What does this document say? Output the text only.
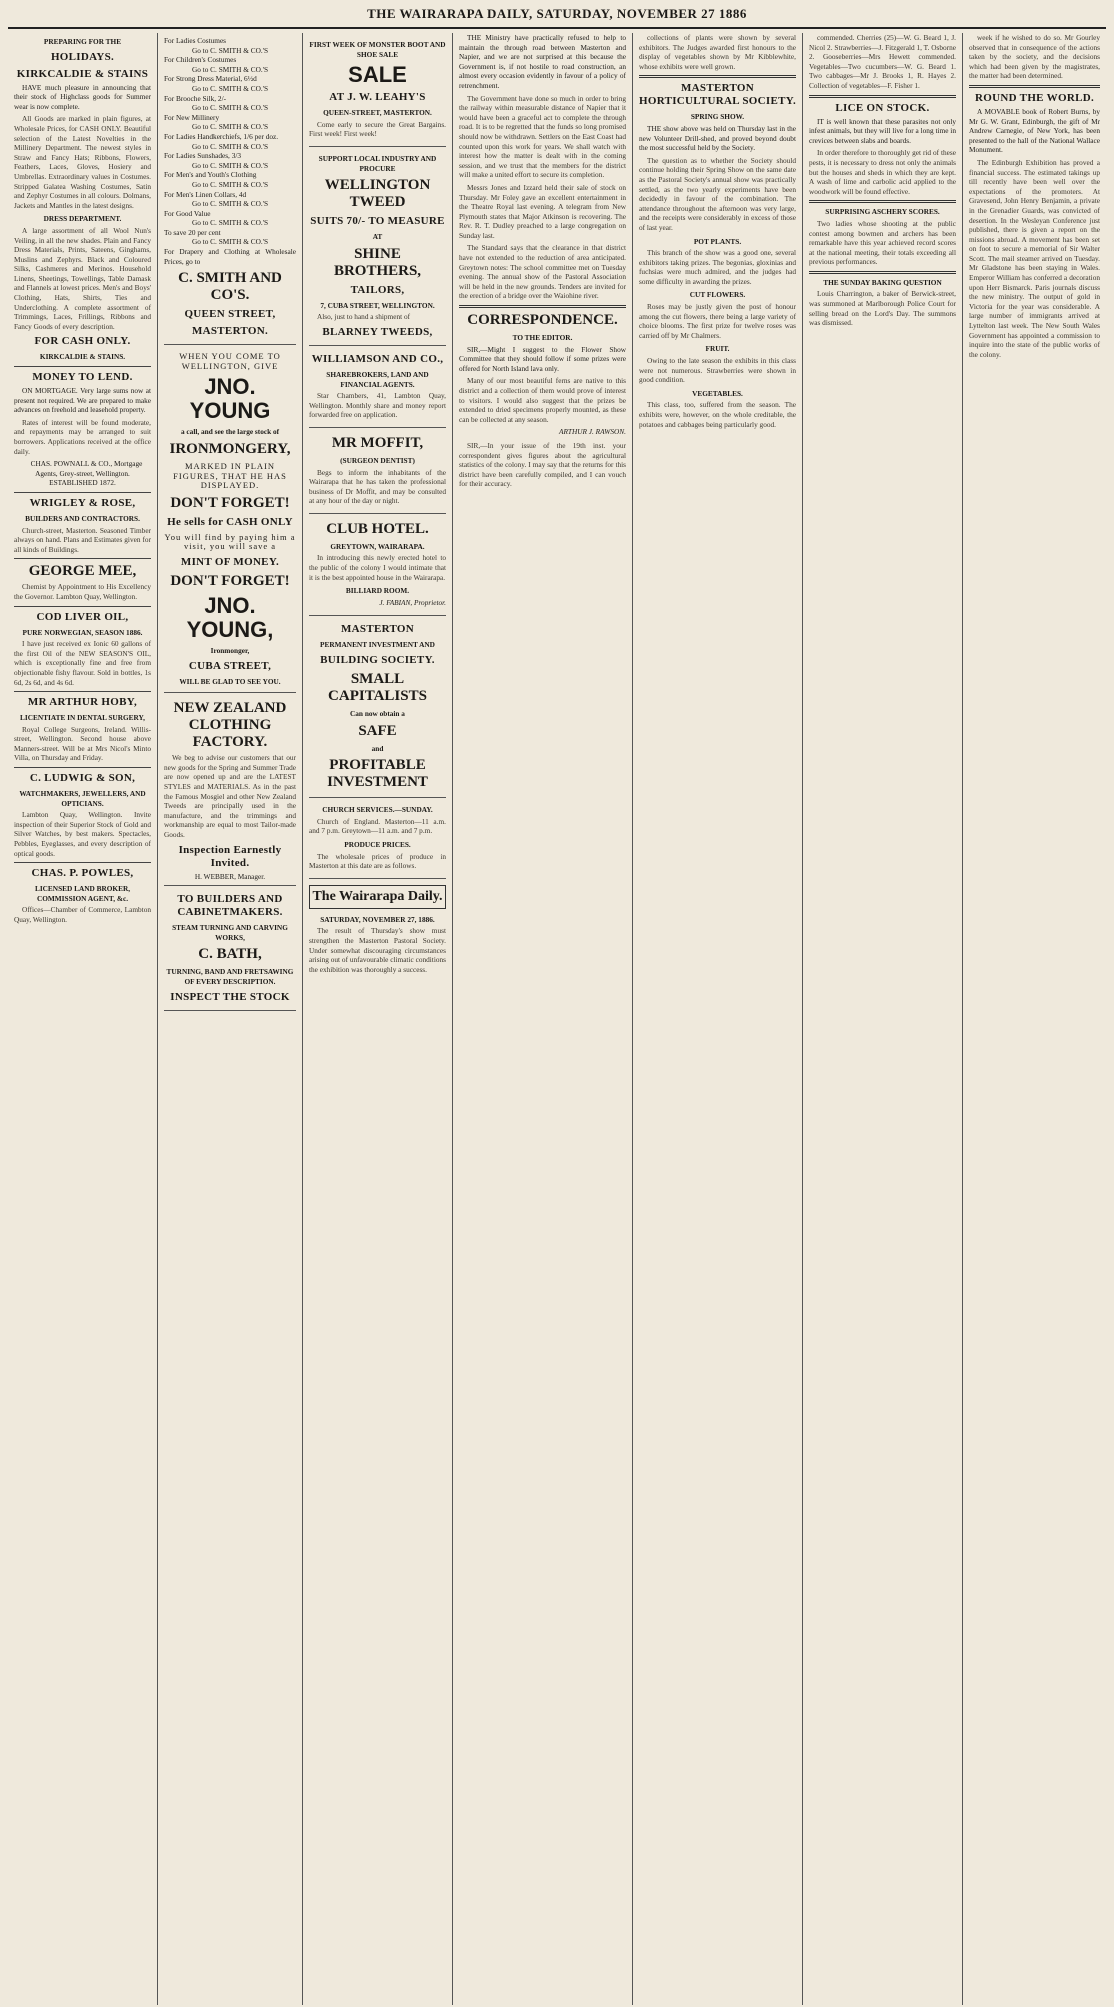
THE WAIRARAPA DAILY, SATURDAY, NOVEMBER 27 1886
PREPARING FOR THE
HOLIDAYS.
KIRKCALDIE & STAINS

HAVE much pleasure in announcing that their stock of Highclass goods for Summer wear is now complete.

All Goods are marked in plain figures, at Wholesale Prices, for CASH ONLY. Beautiful selection of the Latest Novelties in the Millinery Department. The newest styles in Straw and Fancy Hats; Ribbons, Flowers, Feathers, Laces, Gloves, Hosiery and Umbrellas. Extraordinary values in Costumes. Stripped Galatea Washing Costumes, Satin and Zephyr Costumes in all colours. Dolmans, Jackets and Mantles in the latest designs.

DRESS DEPARTMENT.

A large assortment of all Wool Nun's Veiling, in all the new shades. Plain and Fancy Dress Materials, Prints, Sateens, Ginghams, Muslins and Zephyrs. Black and Coloured Silks, Cashmeres and Merinos. Household Linens, Sheetings, Towellings, Table Damask and Flannels at lowest prices. Men's and Boys' Clothing, Hats, Shirts, Ties and Underclothing. A complete assortment of Trimmings, Laces, Frillings, Ribbons and Fancy Goods of every description.

FOR CASH ONLY.
KIRKCALDIE & STAINS.
MONEY TO LEND.

ON MORTGAGE. Very large sums now at present not required. We are prepared to make advances on freehold and leasehold property.

Rates of interest will be found moderate, and repayments may be arranged to suit borrowers. Applications received at the office daily.

CHAS. POWNALL & CO., Mortgage Agents, Grey-street, Wellington. ESTABLISHED 1872.

WRIGLEY & ROSE,
BUILDERS AND CONTRACTORS.

Church-street, Masterton. Seasoned Timber always on hand. Plans and Estimates given for all kinds of Buildings.

GEORGE MEE,

Chemist by Appointment to His Excellency the Governor. Lambton Quay, Wellington.

COD LIVER OIL,
PURE NORWEGIAN, SEASON 1886.

I have just received ex Ionic 60 gallons of the first Oil of the NEW SEASON'S OIL, which is exceptionally fine and free from objectionable fishy flavour. Sold in bottles, 1s 6d, 2s 6d, and 4s 6d.

MR ARTHUR HOBY,
LICENTIATE IN DENTAL SURGERY,

Royal College Surgeons, Ireland. Willis-street, Wellington. Second house above Manners-street. Will be at Mrs Nicol's Minto Villa, on Thursday and Friday.

C. LUDWIG & SON,
WATCHMAKERS, JEWELLERS, AND OPTICIANS.

Lambton Quay, Wellington. Invite inspection of their Superior Stock of Gold and Silver Watches, by best makers. Spectacles, Pebbles, Eyeglasses, and every description of optical goods.

CHAS. P. POWLES,
LICENSED LAND BROKER, COMMISSION AGENT, &c.

Offices—Chamber of Commerce, Lambton Quay, Wellington.

For Ladies Costumes
Go to C. SMITH & CO.'S
For Children's Costumes
Go to C. SMITH & CO.'S
For Strong Dress Material, 6½d
Go to C. SMITH & CO.'S
For Brooche Silk, 2/-
Go to C. SMITH & CO.'S
For New Millinery
Go to C. SMITH & CO.'S
For Ladies Handkerchiefs, 1/6 per doz.
Go to C. SMITH & CO.'S
For Ladies Sunshades, 3/3
Go to C. SMITH & CO.'S
For Men's and Youth's Clothing
Go to C. SMITH & CO.'S
For Men's Linen Collars, 4d
Go to C. SMITH & CO.'S
For Good Value
Go to C. SMITH & CO.'S
To save 20 per cent
Go to C. SMITH & CO.'S
For Drapery and Clothing at Wholesale Prices, go to
C. SMITH AND CO'S.
QUEEN STREET,
MASTERTON.
WHEN YOU COME TO WELLINGTON, GIVE
JNO. YOUNG
a call, and see the large stock of
IRONMONGERY,
MARKED IN PLAIN FIGURES, THAT HE HAS DISPLAYED.
DON'T FORGET!
He sells for CASH ONLY
You will find by paying him a visit, you will save a
MINT OF MONEY.
DON'T FORGET!
JNO. YOUNG,
Ironmonger,
CUBA STREET,
WILL BE GLAD TO SEE YOU.
NEW ZEALAND CLOTHING FACTORY.

We beg to advise our customers that our new goods for the Spring and Summer Trade are now opened up and are the LATEST STYLES and MATERIALS. As in the past the Famous Mosgiel and other New Zealand Tweeds are principally used in the manufacture, and the trimmings and workmanship are equal to most Tailor-made Goods.

Inspection Earnestly Invited.
H. WEBBER, Manager.
TO BUILDERS AND CABINETMAKERS.
STEAM TURNING AND CARVING WORKS,
C. BATH,
TURNING, BAND AND FRETSAWING OF EVERY DESCRIPTION.
INSPECT THE STOCK
FIRST WEEK OF MONSTER BOOT AND SHOE SALE
SALE
AT J. W. LEAHY'S
QUEEN-STREET, MASTERTON.

Come early to secure the Great Bargains. First week! First week!

SUPPORT LOCAL INDUSTRY AND PROCURE
WELLINGTON TWEED
SUITS 70/- TO MEASURE
AT
SHINE BROTHERS,
TAILORS,
7, CUBA STREET, WELLINGTON.

Also, just to hand a shipment of

BLARNEY TWEEDS,
WILLIAMSON AND CO.,
SHAREBROKERS, LAND AND FINANCIAL AGENTS.

Star Chambers, 41, Lambton Quay, Wellington. Monthly share and money report forwarded free on application.

MR MOFFIT,
(SURGEON DENTIST)

Begs to inform the inhabitants of the Wairarapa that he has taken the professional business of Dr Moffit, and may be consulted at any hour of the day or night.

CLUB HOTEL.
GREYTOWN, WAIRARAPA.

In introducing this newly erected hotel to the public of the colony I would intimate that it is the best appointed house in the Wairarapa.

BILLIARD ROOM.
J. FABIAN, Proprietor.
MASTERTON
PERMANENT INVESTMENT AND
BUILDING SOCIETY.
SMALL CAPITALISTS
Can now obtain a
SAFE
and
PROFITABLE INVESTMENT
CHURCH SERVICES.—SUNDAY.

Church of England. Masterton—11 a.m. and 7 p.m. Greytown—11 a.m. and 7 p.m.

PRODUCE PRICES.

The wholesale prices of produce in Masterton at this date are as follows.

The Wairarapa Daily.
SATURDAY, NOVEMBER 27, 1886.

The result of Thursday's show must strengthen the Masterton Pastoral Society. Under somewhat discouraging circumstances arising out of unfavourable climatic conditions the exhibition was thoroughly a success.

THE Ministry have practically refused to help to maintain the through road between Masterton and Napier, and we are not surprised at this because the Government is, if not hostile to road construction, an almost every occasion evidently in favour of a policy of retrenchment.

The Government have done so much in order to bring the railway within measurable distance of Napier that it would have been a graceful act to complete the through road. It is to be regretted that the funds so long promised should now be withdrawn. Settlers on the East Coast had counted upon this work for years. We shall watch with interest how the matter is dealt with in the coming session, and we trust that the members for the district will make a united effort to secure its completion.

Messrs Jones and Izzard held their sale of stock on Thursday. Mr Foley gave an excellent entertainment in the Theatre Royal last evening. A telegram from New Plymouth states that Major Atkinson is recovering. The Rev. R. T. Dudley preached to a large congregation on Sunday last.

The Standard says that the clearance in that district have not extended to the reduction of area anticipated. Greytown notes: The school committee met on Tuesday evening. The annual show of the Pastoral Association will be held in the new grounds. Tenders are invited for the erection of a bridge over the Waiohine river.

CORRESPONDENCE.
TO THE EDITOR.

SIR,—Might I suggest to the Flower Show Committee that they should follow if some prizes were offered for North Island lava only.

Many of our most beautiful ferns are native to this district and a collection of them would prove of interest to visitors. I would also suggest that the prizes be extended to dried specimens properly mounted, as these can be collected at any season.

ARTHUR J. RAWSON.

SIR,—In your issue of the 19th inst. your correspondent gives figures about the agricultural statistics of the colony. I may say that the returns for this district have been carefully compiled, and I can vouch for their accuracy.

collections of plants were shown by several exhibitors. The Judges awarded first honours to the display of vegetables shown by Mr Kibblewhite, whose exhibits were well grown.

MASTERTON HORTICULTURAL SOCIETY.
SPRING SHOW.

THE show above was held on Thursday last in the new Volunteer Drill-shed, and proved beyond doubt the most successful held by the Society.

The question as to whether the Society should continue holding their Spring Show on the same date as the Pastoral Society's annual show was practically settled, as the two yearly experiments have been decidedly in favour of the combination. The attendance throughout the afternoon was very large, and the receipts were considerably in excess of those of last year.

POT PLANTS.

This branch of the show was a good one, several exhibitors taking prizes. The begonias, gloxinias and fuchsias were much admired, and the judges had some difficulty in awarding the prizes.

CUT FLOWERS.

Roses may be justly given the post of honour among the cut flowers, there being a large variety of choice blooms. The first prize for twelve roses was carried off by Mr Chalmers.

FRUIT.

Owing to the late season the exhibits in this class were not numerous. Strawberries were shown in good condition.

VEGETABLES.

This class, too, suffered from the season. The exhibits were, however, on the whole creditable, the potatoes and cabbages being particularly good.

commended. Cherries (25)—W. G. Beard 1, J. Nicol 2. Strawberries—J. Fitzgerald 1, T. Osborne 2. Gooseberries—Mrs Hewett commended. Vegetables—Two cucumbers—W. G. Beard 1. Two cabbages—Mr J. Brooks 1, R. Hayes 2. Collection of vegetables—F. Fisher 1.

LICE ON STOCK.

IT is well known that these parasites not only infest animals, but they will live for a long time in crevices between slabs and boards.

In order therefore to thoroughly get rid of these pests, it is necessary to dress not only the animals but the houses and sheds in which they are kept. A wash of lime and carbolic acid applied to the woodwork will be found effective.

SURPRISING ASCHERY SCORES.

Two ladies whose shooting at the public contest among bowmen and archers has been remarkable have this year achieved record scores at the national meeting, their totals exceeding all previous performances.

THE SUNDAY BAKING QUESTION

Louis Charrington, a baker of Berwick-street, was summoned at Marlborough Police Court for selling bread on the Lord's Day. The summons was dismissed.

week if he wished to do so. Mr Gourley observed that in consequence of the actions taken by the society, and the decisions which had been given by the magistrates, the matter had been determined.

ROUND THE WORLD.

A MOVABLE book of Robert Burns, by Mr G. W. Grant, Edinburgh, the gift of Mr Andrew Carnegie, of New York, has been presented to the hall of the National Wallace Monument.

The Edinburgh Exhibition has proved a financial success. The estimated takings up till recently have been well over the expectations of the promoters. At Gravesend, John Henry Benjamin, a private in the Grenadier Guards, was convicted of desertion. In the Wesleyan Conference just published, there is given a report on the missions abroad. A movement has been set on foot to secure a memorial of Sir Walter Scott. The mail steamer arrived on Tuesday. Mr Gladstone has been staying in Wales. Emperor William has conferred a decoration upon Herr Bismarck. Paris journals discuss the new ministry. The output of gold in Victoria for the year was considerable. A large number of immigrants arrived at Lyttelton last week. The New South Wales Government has appointed a commission to inquire into the state of the public works of the colony.
